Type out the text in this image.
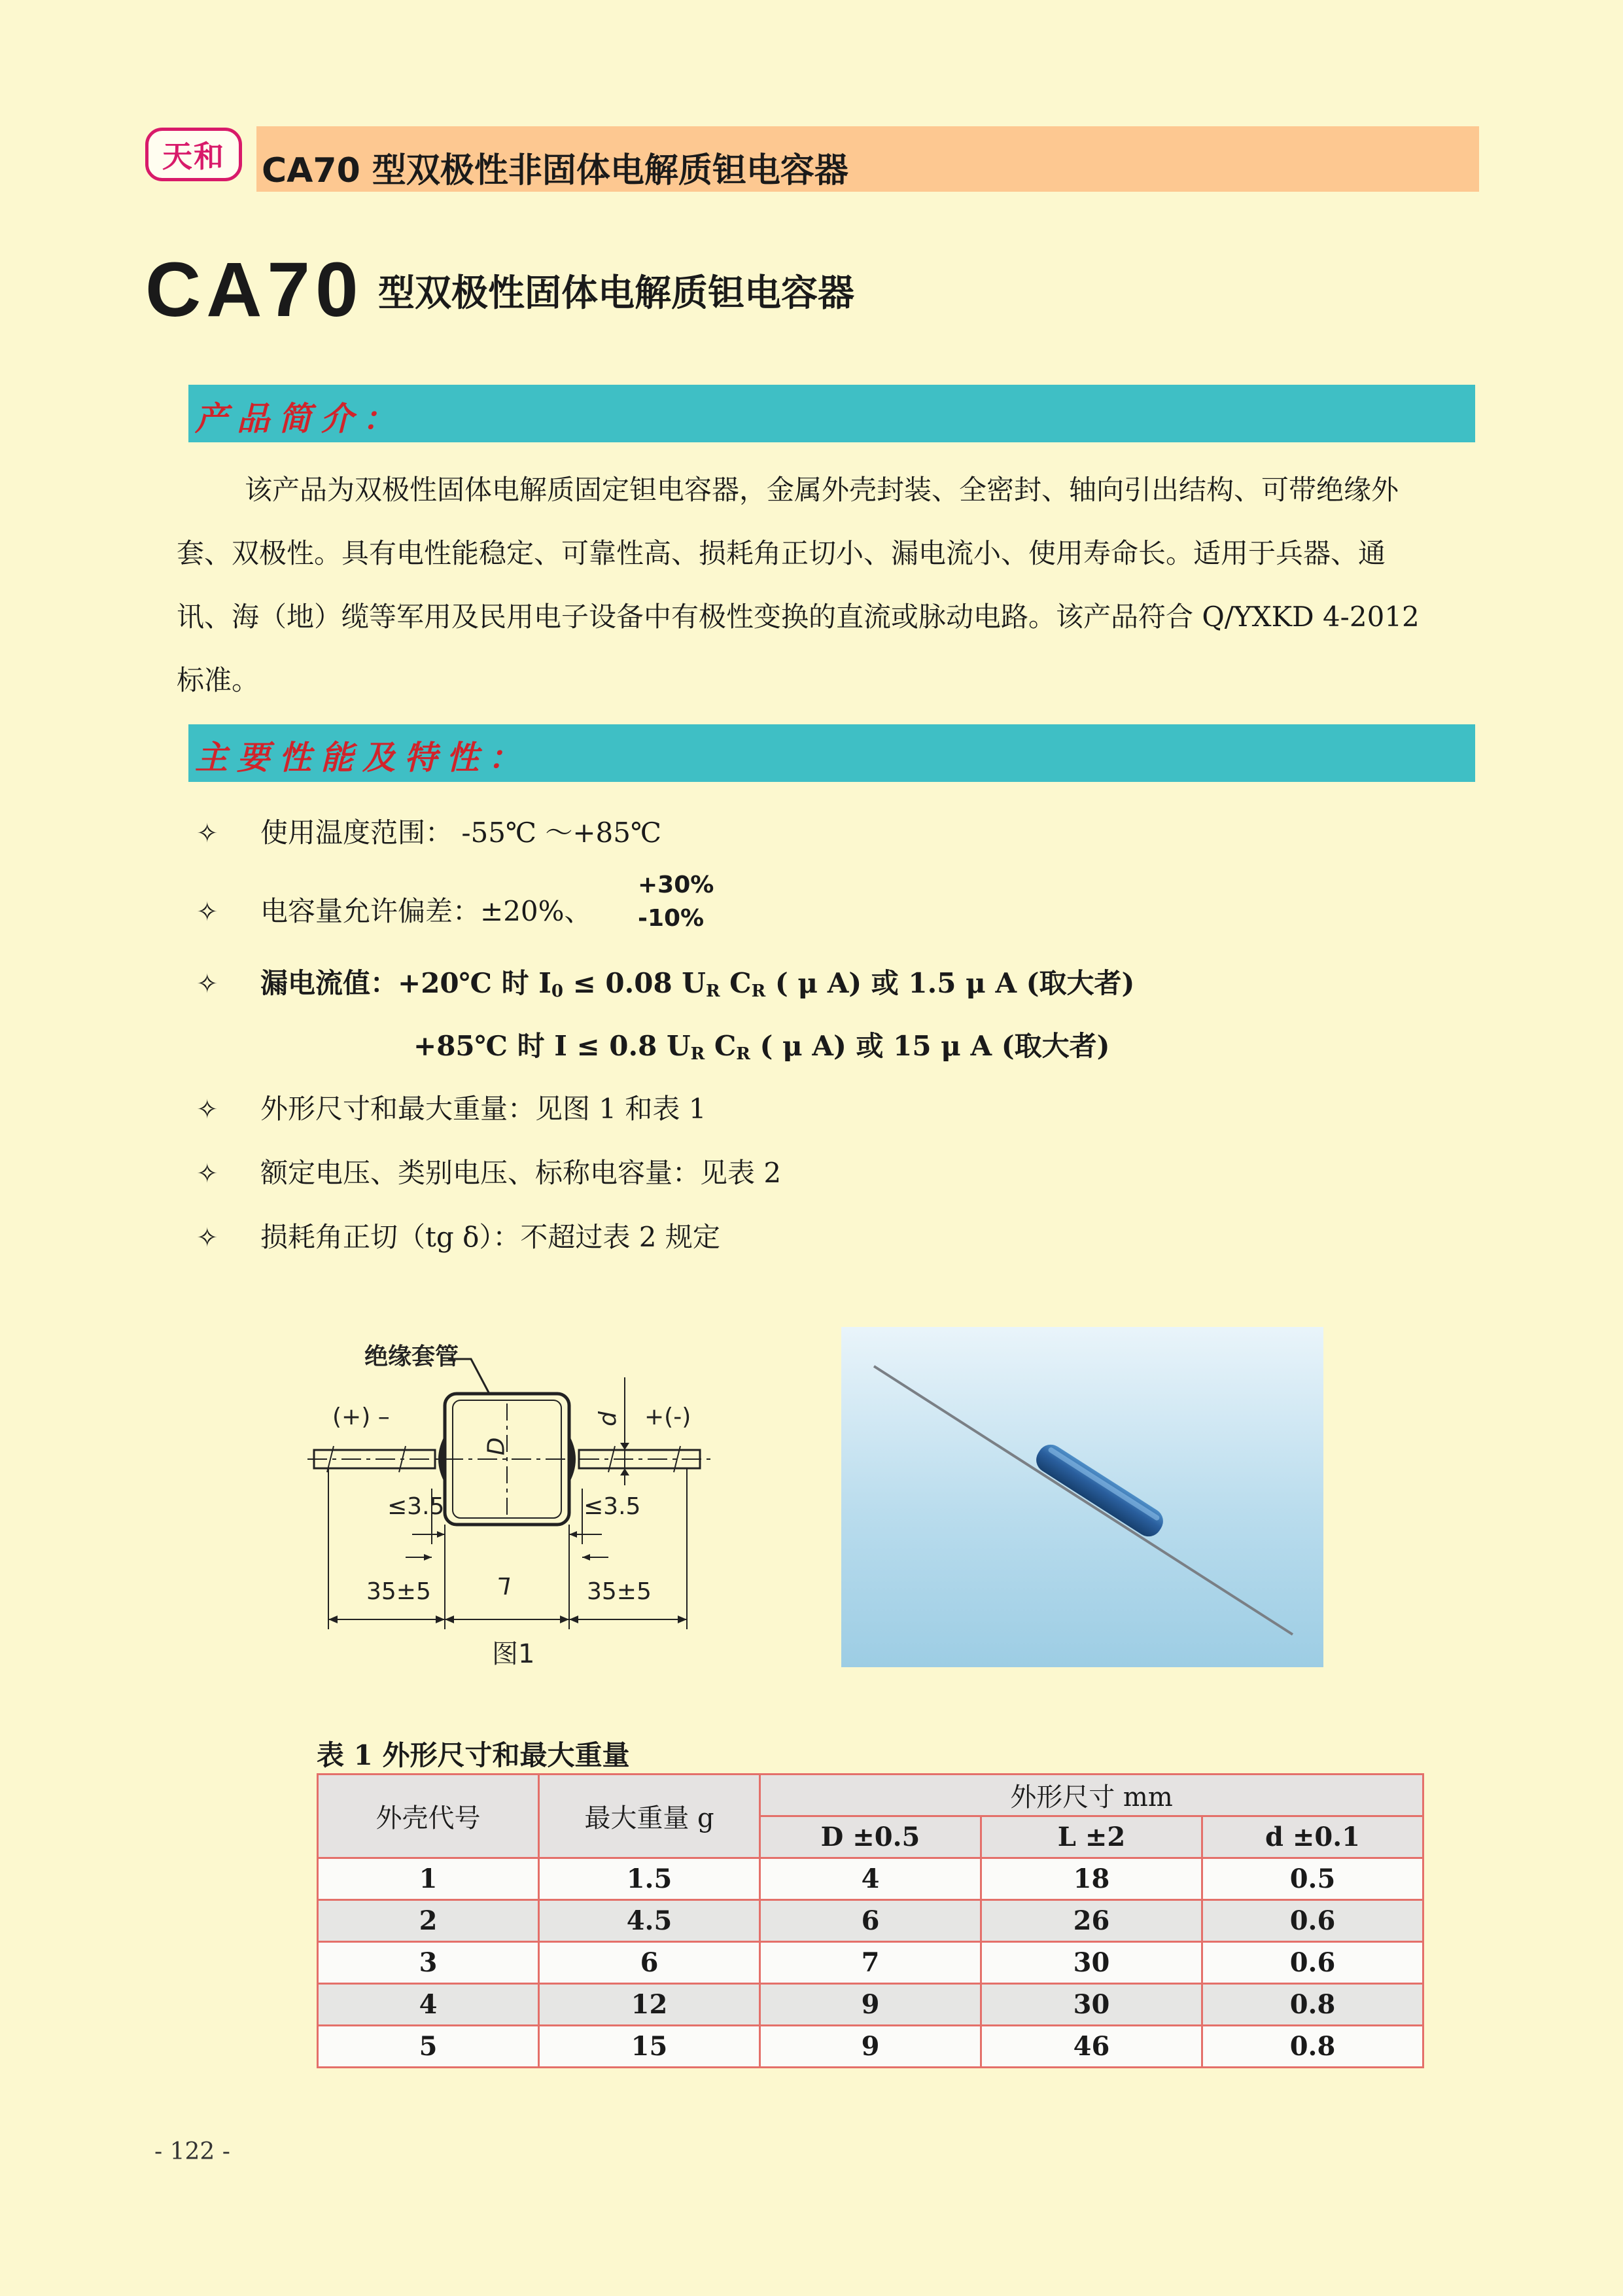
天和	CA70 型双极性非固体电解质钽电容器
CA70 型双极性固体电解质钽电容器
产品简介：
该产品为双极性固体电解质固定钽电容器，金属外壳封装、全密封、轴向引出结构、可带绝缘外套、双极性。具有电性能稳定、可靠性高、损耗角正切小、漏电流小、使用寿命长。适用于兵器、通讯、海（地）缆等军用及民用电子设备中有极性变换的直流或脉动电路。该产品符合 Q/YXKD 4-2012 标准。
主要性能及特性：
✧ 使用温度范围： -55℃ ～+85℃
✧ 电容量允许偏差：±20%、
+30%
-10%
✧ 漏电流值：+20℃ 时 $I_0 \le 0.08$ $U_R$ $C_R$ ( μ A) 或 1.5 μ A (取大者)
+85℃ 时 I ≤ 0.8 $U_R$ $C_R$ ( μ A) 或 15 μ A (取大者)
✧ 外形尺寸和最大重量：见图 1 和表 1
✧ 额定电压、类别电压、标称电容量：见表 2
✧ 损耗角正切（tg δ）：不超过表 2 规定
绝缘套管
(+) –	+(-)
D
d
≤3.5	≤3.5
35±5	L	35±5
图1
表 1 外形尺寸和最大重量
外壳代号	最大重量 g	外形尺寸 mm		
		D ±0.5	L ±2	d ±0.1
1	1.5	4	18	0.5
2	4.5	6	26	0.6
3	6	7	30	0.6
4	12	9	30	0.8
5	15	9	46	0.8
- 122 -
